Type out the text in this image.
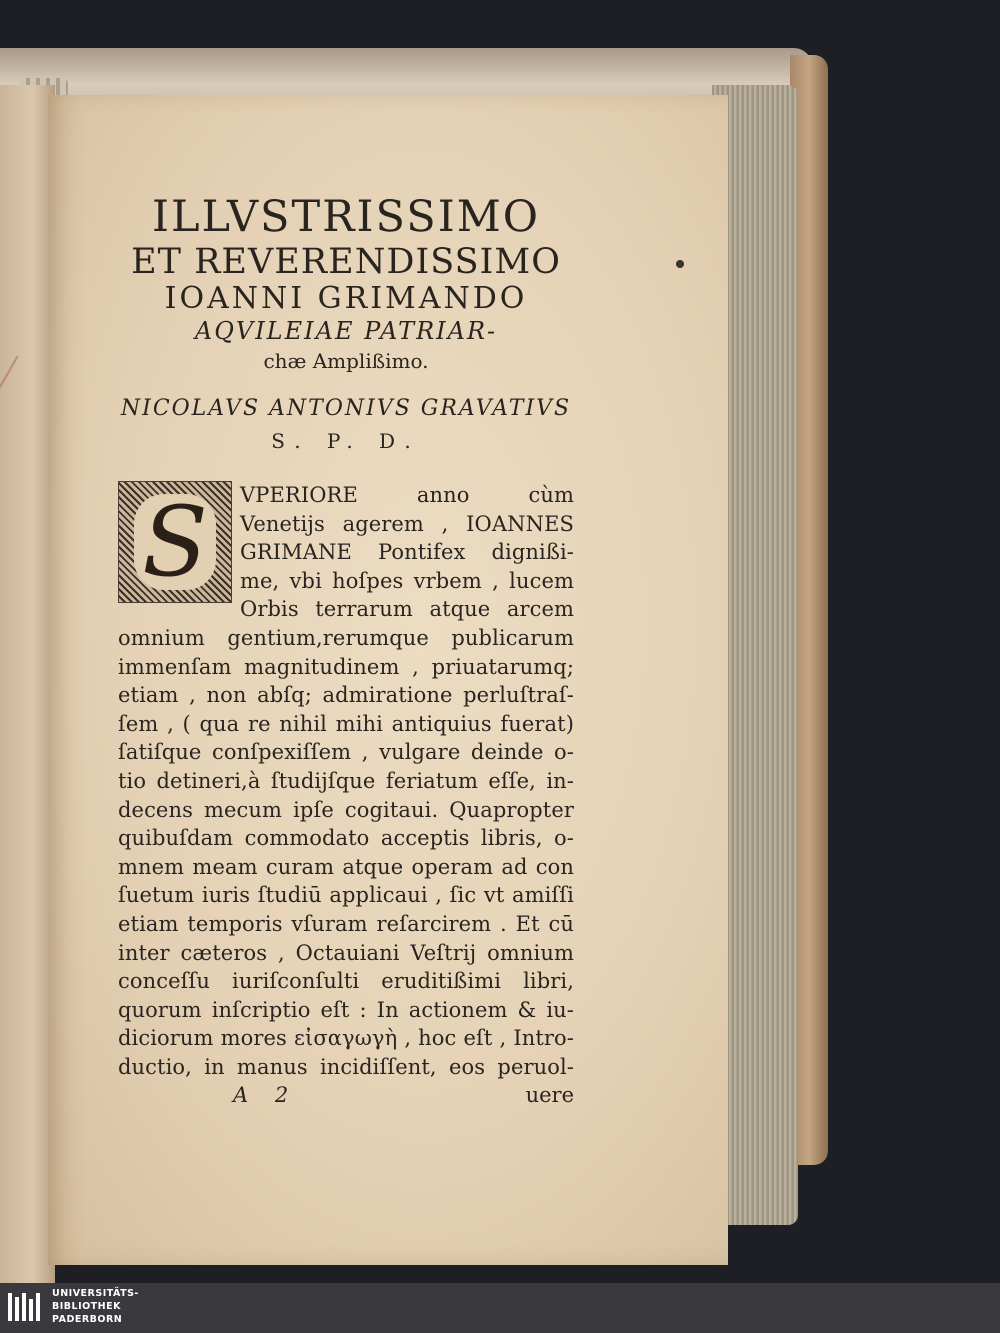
ILLVSTRISSIMO

ET REVERENDISSIMO

IOANNI GRIMANDO

AQVILEIAE PATRIAR-

chæ Amplißimo.

NICOLAVS ANTONIVS GRAVATIVS
S. P. D.
S	VPERIORE anno cùm
Venetijs agerem , IOANNES
GRIMANE Pontifex dignißi-
me, vbi hoſpes vrbem , lucem
Orbis terrarum atque arcem
omnium gentium,rerumque publicarum
immenſam magnitudinem , priuatarumq;
etiam , non abſq; admiratione perluſtraſ-
ſem , ( qua re nihil mihi antiquius fuerat)
ſatiſque conſpexiſſem , vulgare deinde o-
tio detineri,à ſtudijſque feriatum eſſe, in-
decens mecum ipſe cogitaui. Quapropter
quibuſdam commodato acceptis libris, o-
mnem meam curam atque operam ad con
ſuetum iuris ſtudiū applicaui , ſic vt amiſſi
etiam temporis vſuram reſarcirem . Et cū
inter cæteros , Octauiani Veſtrij omnium
conceſſu iuriſconſulti eruditißimi libri,
quorum inſcriptio eſt : In actionem & iu-
diciorum mores εἰσαγωγὴ , hoc eſt , Intro-
ductio, in manus incidiſſent, eos peruol-
A 2	uere
UNIVERSITÄTS-
BIBLIOTHEK
PADERBORN
